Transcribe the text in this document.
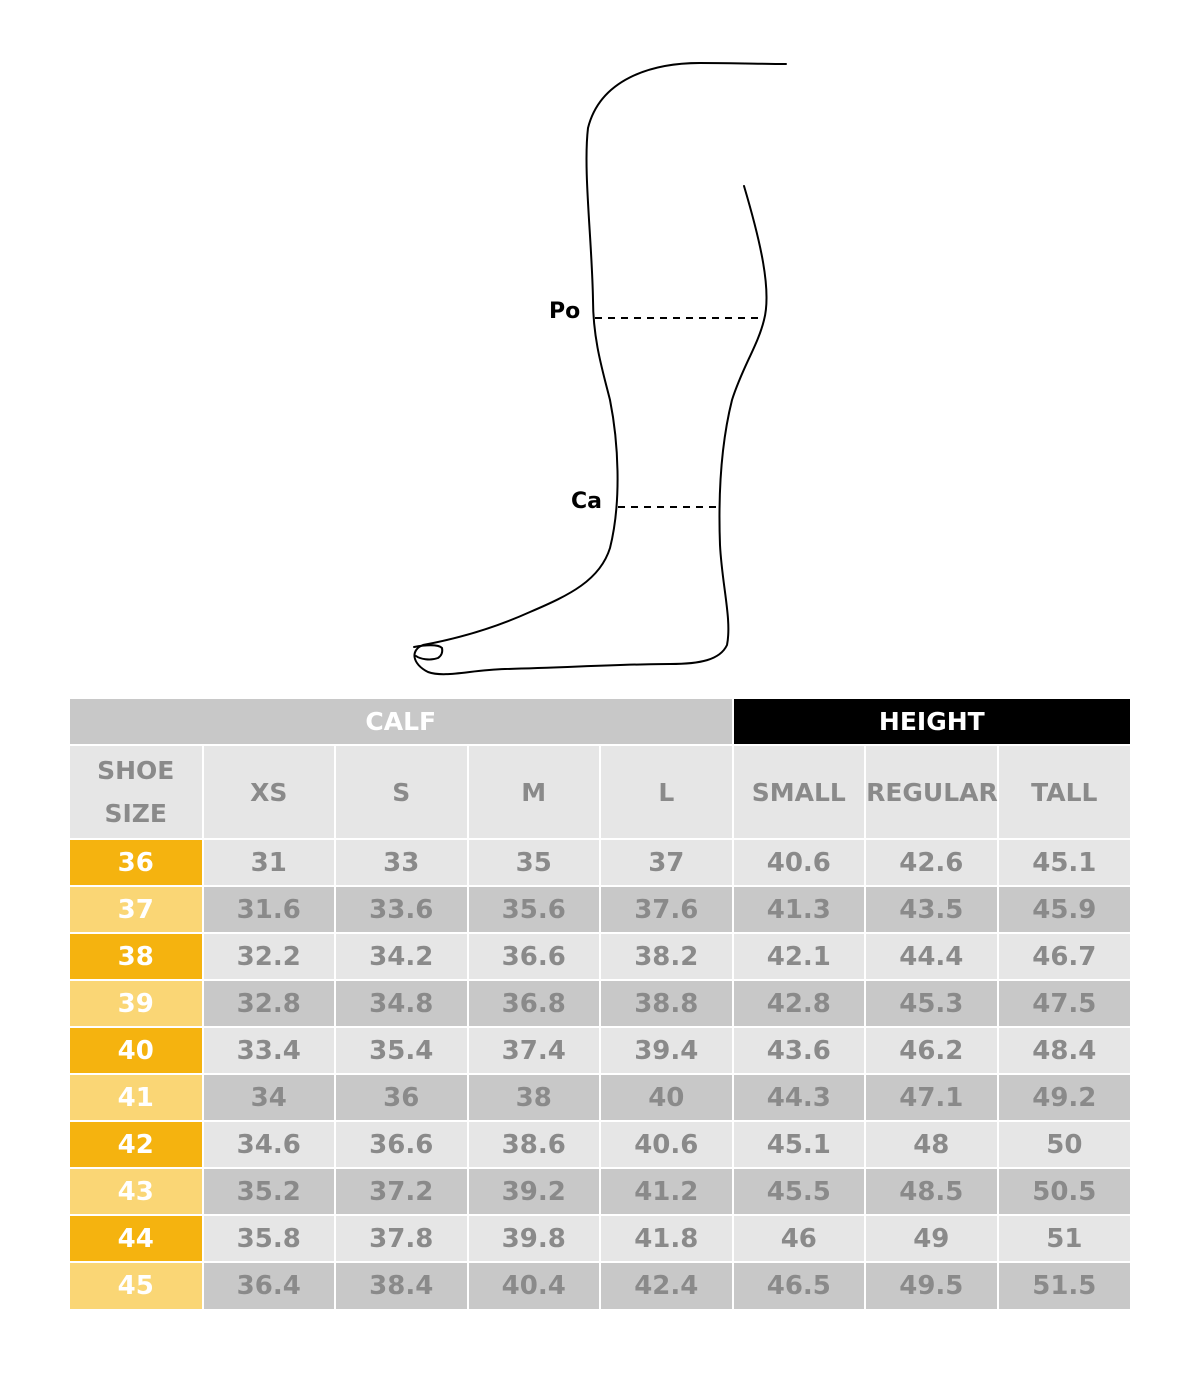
Po
Ca
CALF					HEIGHT		
SHOE SIZE	XS	S	M	L	SMALL	REGULAR	TALL
36	31	33	35	37	40.6	42.6	45.1
37	31.6	33.6	35.6	37.6	41.3	43.5	45.9
38	32.2	34.2	36.6	38.2	42.1	44.4	46.7
39	32.8	34.8	36.8	38.8	42.8	45.3	47.5
40	33.4	35.4	37.4	39.4	43.6	46.2	48.4
41	34	36	38	40	44.3	47.1	49.2
42	34.6	36.6	38.6	40.6	45.1	48	50
43	35.2	37.2	39.2	41.2	45.5	48.5	50.5
44	35.8	37.8	39.8	41.8	46	49	51
45	36.4	38.4	40.4	42.4	46.5	49.5	51.5
